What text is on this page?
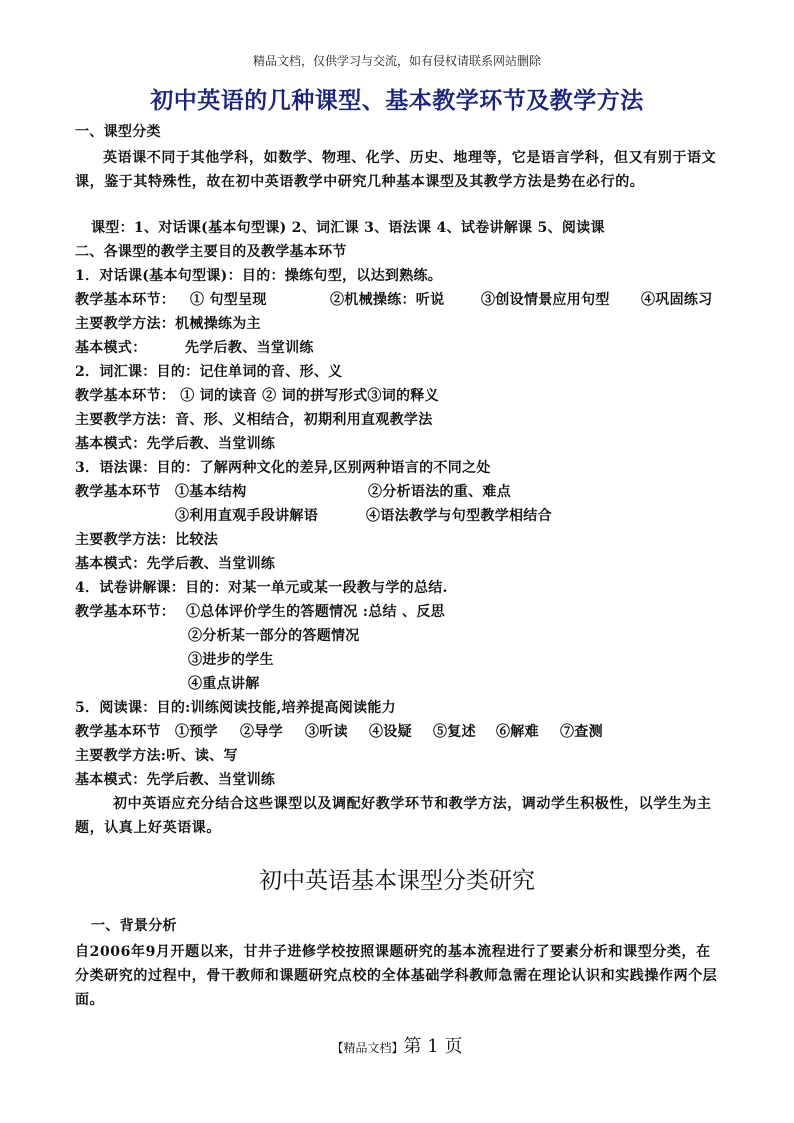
精品文档，仅供学习与交流，如有侵权请联系网站删除
初中英语的几种课型、基本教学环节及教学方法
一、课型分类
英语课不同于其他学科，如数学、物理、化学、历史、地理等，它是语言学科，但又有别于语文课，鉴于其特殊性，故在初中英语教学中研究几种基本课型及其教学方法是势在必行的。
课型：1、对话课(基本句型课) 2、词汇课 3、语法课 4、试卷讲解课 5、阅读课
二、各课型的教学主要目的及教学基本环节
1．对话课(基本句型课)：目的：操练句型，以达到熟练。
教学基本环节： ① 句型呈现	②机械操练：听说	③创设情景应用句型 ④巩固练习
主要教学方法：机械操练为主
基本模式：	先学后教、当堂训练
2．词汇课：目的：记住单词的音、形、义
教学基本环节： ① 词的读音 ② 词的拼写形式③词的释义
主要教学方法：音、形、义相结合，初期利用直观教学法
基本模式：先学后教、当堂训练
3．语法课：目的：了解两种文化的差异,区别两种语言的不同之处
教学基本环节 ①基本结构	②分析语法的重、难点
③利用直观手段讲解语	④语法教学与句型教学相结合
主要教学方法：比较法
基本模式：先学后教、当堂训练
4．试卷讲解课：目的：对某一单元或某一段教与学的总结.
教学基本环节： ①总体评价学生的答题情况 :总结 、反思
②分析某一部分的答题情况
③进步的学生
④重点讲解
5．阅读课：目的:训练阅读技能,培养提高阅读能力
教学基本环节 ①预学 ②导学 ③听读 ④设疑 ⑤复述 ⑥解难 ⑦查测
主要教学方法:听、读、写
基本模式：先学后教、当堂训练
初中英语应充分结合这些课型以及调配好教学环节和教学方法，调动学生积极性，以学生为主题，认真上好英语课。
初中英语基本课型分类研究
一、背景分析
自2006年9月开题以来，甘井子进修学校按照课题研究的基本流程进行了要素分析和课型分类，在分类研究的过程中，骨干教师和课题研究点校的全体基础学科教师急需在理论认识和实践操作两个层面。
【精品文档】第 1 页
